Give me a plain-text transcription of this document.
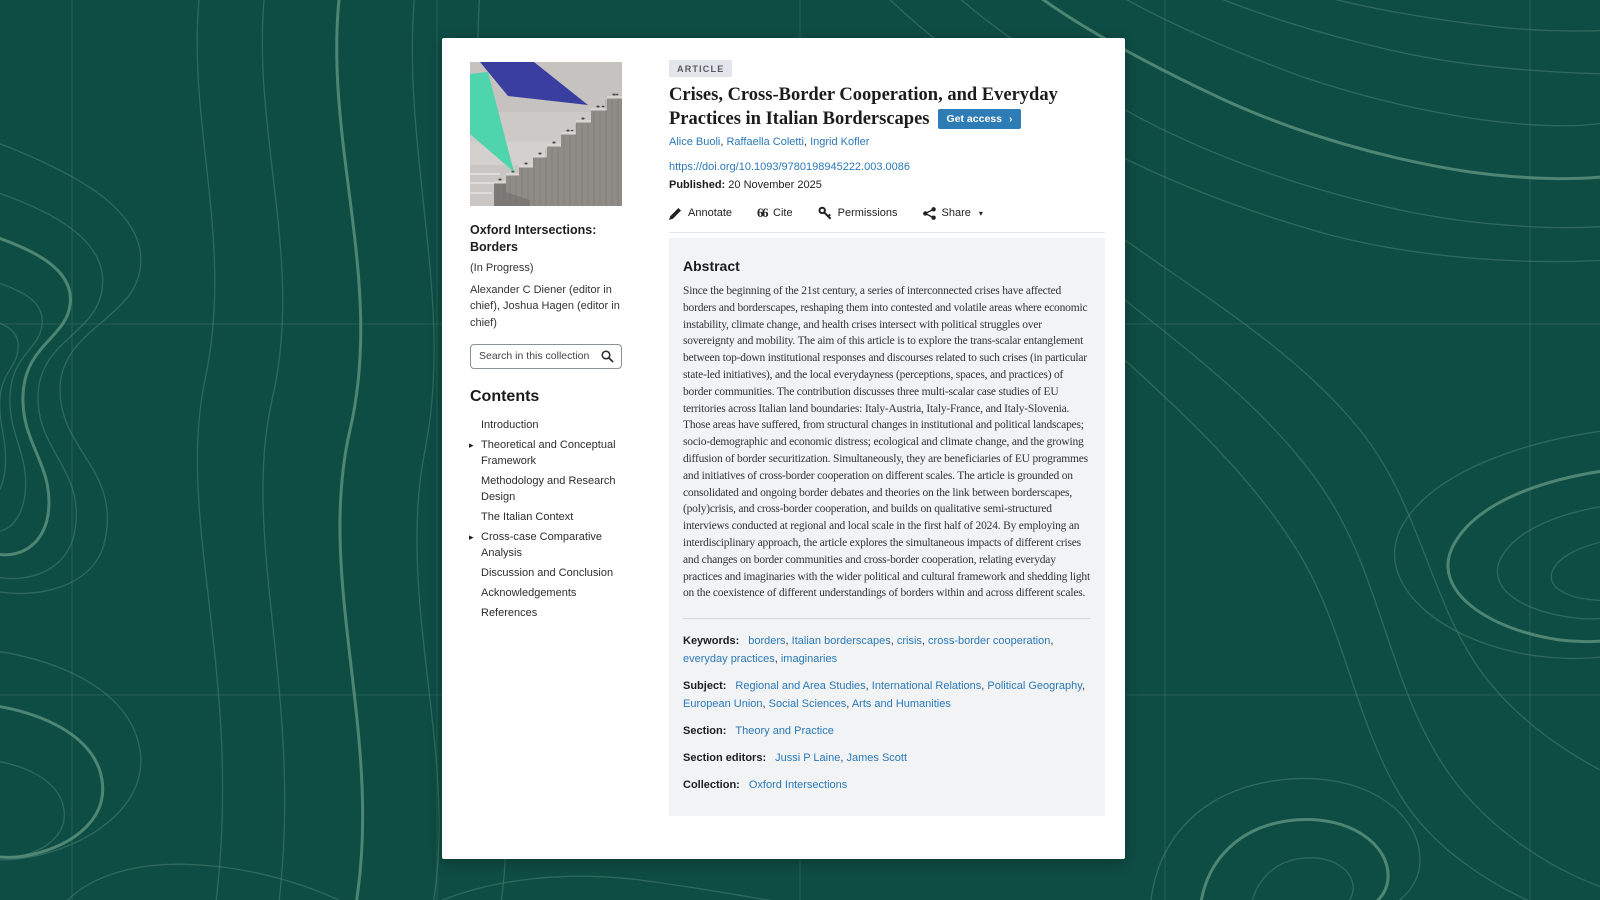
Oxford Intersections: Borders
(In Progress)
Alexander C Diener (editor in chief), Joshua Hagen (editor in chief)
Search in this collection
Contents
Introduction
▸ Theoretical and Conceptual Framework
Methodology and Research Design
The Italian Context
▸ Cross-case Comparative Analysis
Discussion and Conclusion
Acknowledgements
References
ARTICLE
Crises, Cross-Border Cooperation, and Everyday Practices in Italian Borderscapes Get access ›
Alice Buoli, Raffaella Coletti, Ingrid Kofler
https://doi.org/10.1093/9780198945222.003.0086
Published: 20 November 2025
Annotate 66 Cite	Permissions	Share ▾
Abstract
Since the beginning of the 21st century, a series of interconnected crises have affected borders and borderscapes, reshaping them into contested and volatile areas where economic instability, climate change, and health crises intersect with political struggles over sovereignty and mobility. The aim of this article is to explore the trans-scalar entanglement between top-down institutional responses and discourses related to such crises (in particular state-led initiatives), and the local everydayness (perceptions, spaces, and practices) of border communities. The contribution discusses three multi-scalar case studies of EU territories across Italian land boundaries: Italy-Austria, Italy-France, and Italy-Slovenia. Those areas have suffered, from structural changes in institutional and political landscapes; socio-demographic and economic distress; ecological and climate change, and the growing diffusion of border securitization. Simultaneously, they are beneficiaries of EU programmes and initiatives of cross-border cooperation on different scales. The article is grounded on consolidated and ongoing border debates and theories on the link between borderscapes, (poly)crisis, and cross-border cooperation, and builds on qualitative semi-structured interviews conducted at regional and local scale in the first half of 2024. By employing an interdisciplinary approach, the article explores the simultaneous impacts of different crises and changes on border communities and cross-border cooperation, relating everyday practices and imaginaries with the wider political and cultural framework and shedding light on the coexistence of different understandings of borders within and across different scales.
Keywords: borders, Italian borderscapes, crisis, cross-border cooperation, everyday practices, imaginaries
Subject: Regional and Area Studies, International Relations, Political Geography, European Union, Social Sciences, Arts and Humanities
Section: Theory and Practice
Section editors: Jussi P Laine, James Scott
Collection: Oxford Intersections
